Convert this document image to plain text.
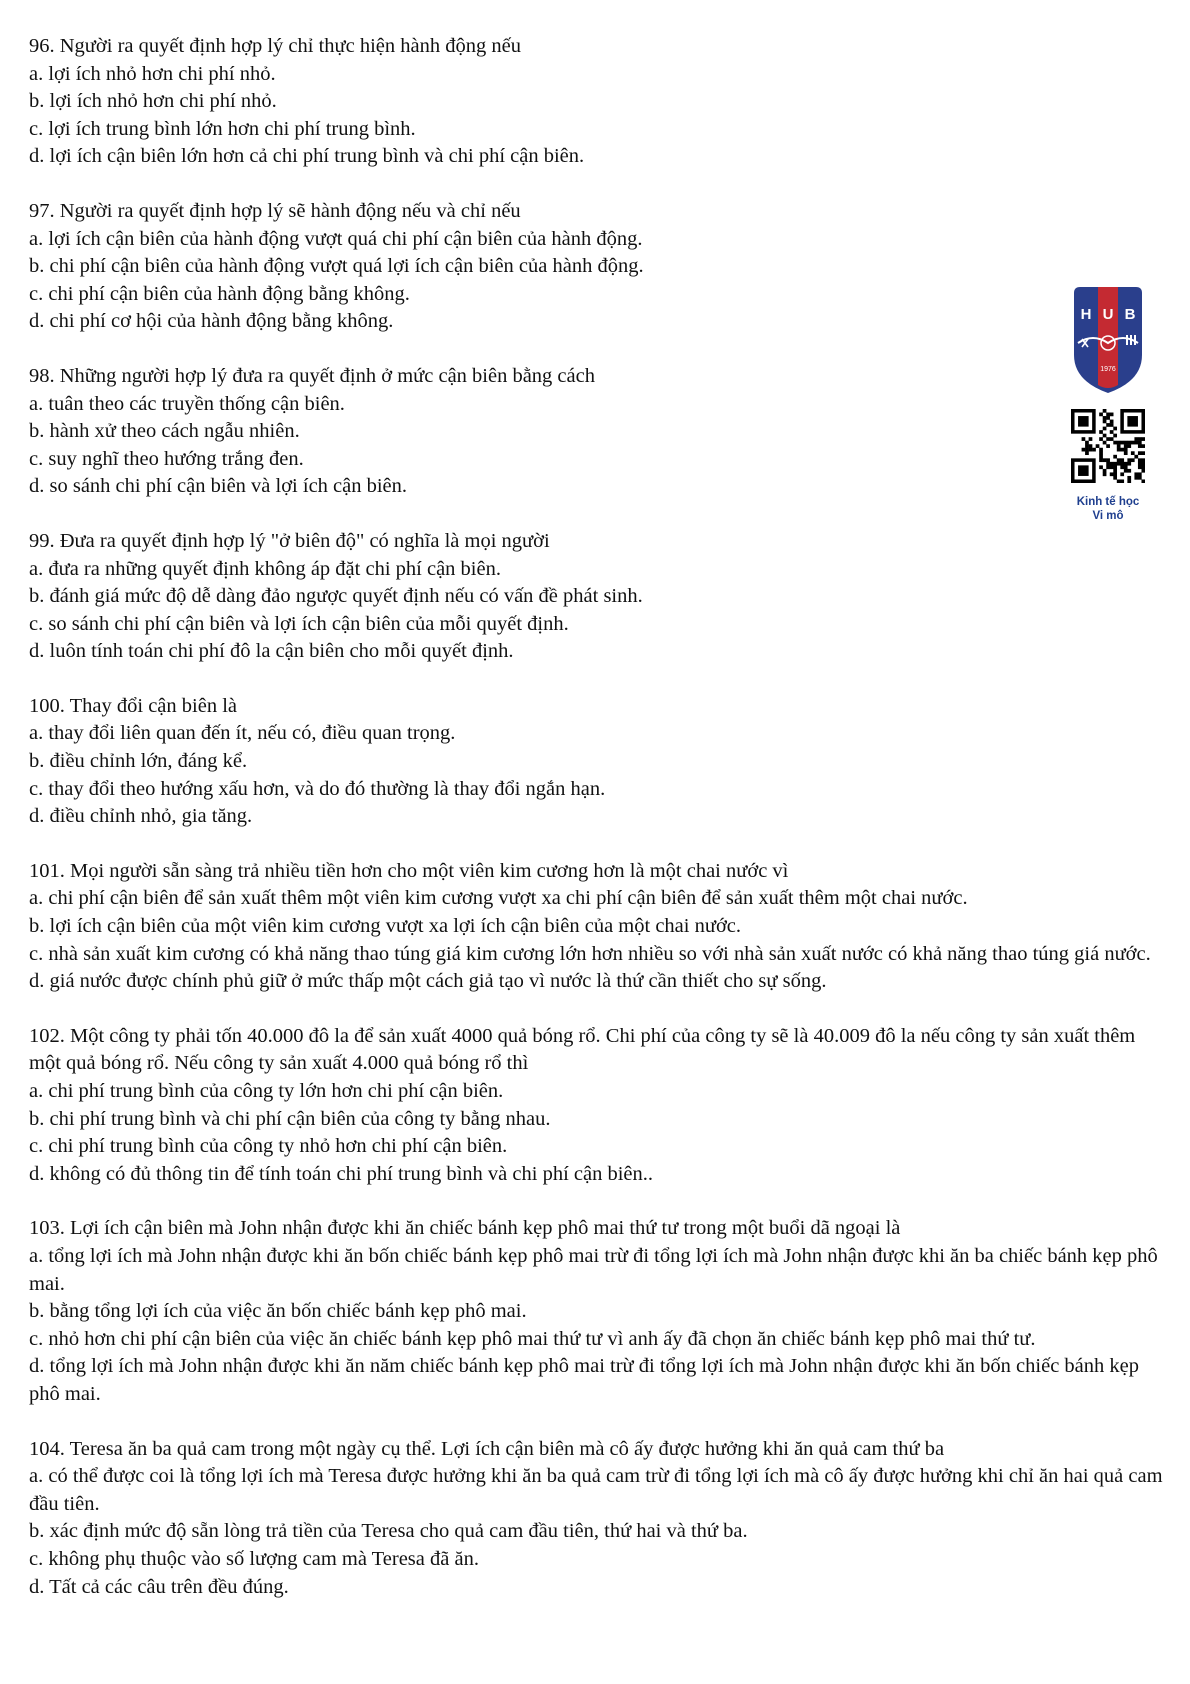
96. Người ra quyết định hợp lý chỉ thực hiện hành động nếu

a. lợi ích nhỏ hơn chi phí nhỏ.

b. lợi ích nhỏ hơn chi phí nhỏ.

c. lợi ích trung bình lớn hơn chi phí trung bình.

d. lợi ích cận biên lớn hơn cả chi phí trung bình và chi phí cận biên.

97. Người ra quyết định hợp lý sẽ hành động nếu và chỉ nếu

a. lợi ích cận biên của hành động vượt quá chi phí cận biên của hành động.

b. chi phí cận biên của hành động vượt quá lợi ích cận biên của hành động.

c. chi phí cận biên của hành động bằng không.

d. chi phí cơ hội của hành động bằng không.

98. Những người hợp lý đưa ra quyết định ở mức cận biên bằng cách

a. tuân theo các truyền thống cận biên.

b. hành xử theo cách ngẫu nhiên.

c. suy nghĩ theo hướng trắng đen.

d. so sánh chi phí cận biên và lợi ích cận biên.

99. Đưa ra quyết định hợp lý "ở biên độ" có nghĩa là mọi người

a. đưa ra những quyết định không áp đặt chi phí cận biên.

b. đánh giá mức độ dễ dàng đảo ngược quyết định nếu có vấn đề phát sinh.

c. so sánh chi phí cận biên và lợi ích cận biên của mỗi quyết định.

d. luôn tính toán chi phí đô la cận biên cho mỗi quyết định.

100. Thay đổi cận biên là

a. thay đổi liên quan đến ít, nếu có, điều quan trọng.

b. điều chỉnh lớn, đáng kể.

c. thay đổi theo hướng xấu hơn, và do đó thường là thay đổi ngắn hạn.

d. điều chỉnh nhỏ, gia tăng.

101. Mọi người sẵn sàng trả nhiều tiền hơn cho một viên kim cương hơn là một chai nước vì

a. chi phí cận biên để sản xuất thêm một viên kim cương vượt xa chi phí cận biên để sản xuất thêm một chai nước.

b. lợi ích cận biên của một viên kim cương vượt xa lợi ích cận biên của một chai nước.

c. nhà sản xuất kim cương có khả năng thao túng giá kim cương lớn hơn nhiều so với nhà sản xuất nước có khả năng thao túng giá nước.

d. giá nước được chính phủ giữ ở mức thấp một cách giả tạo vì nước là thứ cần thiết cho sự sống.

102. Một công ty phải tốn 40.000 đô la để sản xuất 4000 quả bóng rổ. Chi phí của công ty sẽ là 40.009 đô la nếu công ty sản xuất thêm một quả bóng rổ. Nếu công ty sản xuất 4.000 quả bóng rổ thì

a. chi phí trung bình của công ty lớn hơn chi phí cận biên.

b. chi phí trung bình và chi phí cận biên của công ty bằng nhau.

c. chi phí trung bình của công ty nhỏ hơn chi phí cận biên.

d. không có đủ thông tin để tính toán chi phí trung bình và chi phí cận biên..

103. Lợi ích cận biên mà John nhận được khi ăn chiếc bánh kẹp phô mai thứ tư trong một buổi dã ngoại là

a. tổng lợi ích mà John nhận được khi ăn bốn chiếc bánh kẹp phô mai trừ đi tổng lợi ích mà John nhận được khi ăn ba chiếc bánh kẹp phô mai.

b. bằng tổng lợi ích của việc ăn bốn chiếc bánh kẹp phô mai.

c. nhỏ hơn chi phí cận biên của việc ăn chiếc bánh kẹp phô mai thứ tư vì anh ấy đã chọn ăn chiếc bánh kẹp phô mai thứ tư.

d. tổng lợi ích mà John nhận được khi ăn năm chiếc bánh kẹp phô mai trừ đi tổng lợi ích mà John nhận được khi ăn bốn chiếc bánh kẹp phô mai.

104. Teresa ăn ba quả cam trong một ngày cụ thể. Lợi ích cận biên mà cô ấy được hưởng khi ăn quả cam thứ ba

a. có thể được coi là tổng lợi ích mà Teresa được hưởng khi ăn ba quả cam trừ đi tổng lợi ích mà cô ấy được hưởng khi chỉ ăn hai quả cam đầu tiên.

b. xác định mức độ sẵn lòng trả tiền của Teresa cho quả cam đầu tiên, thứ hai và thứ ba.

c. không phụ thuộc vào số lượng cam mà Teresa đã ăn.

d. Tất cả các câu trên đều đúng.

H U B
1976
Kinh tế học
Vi mô
